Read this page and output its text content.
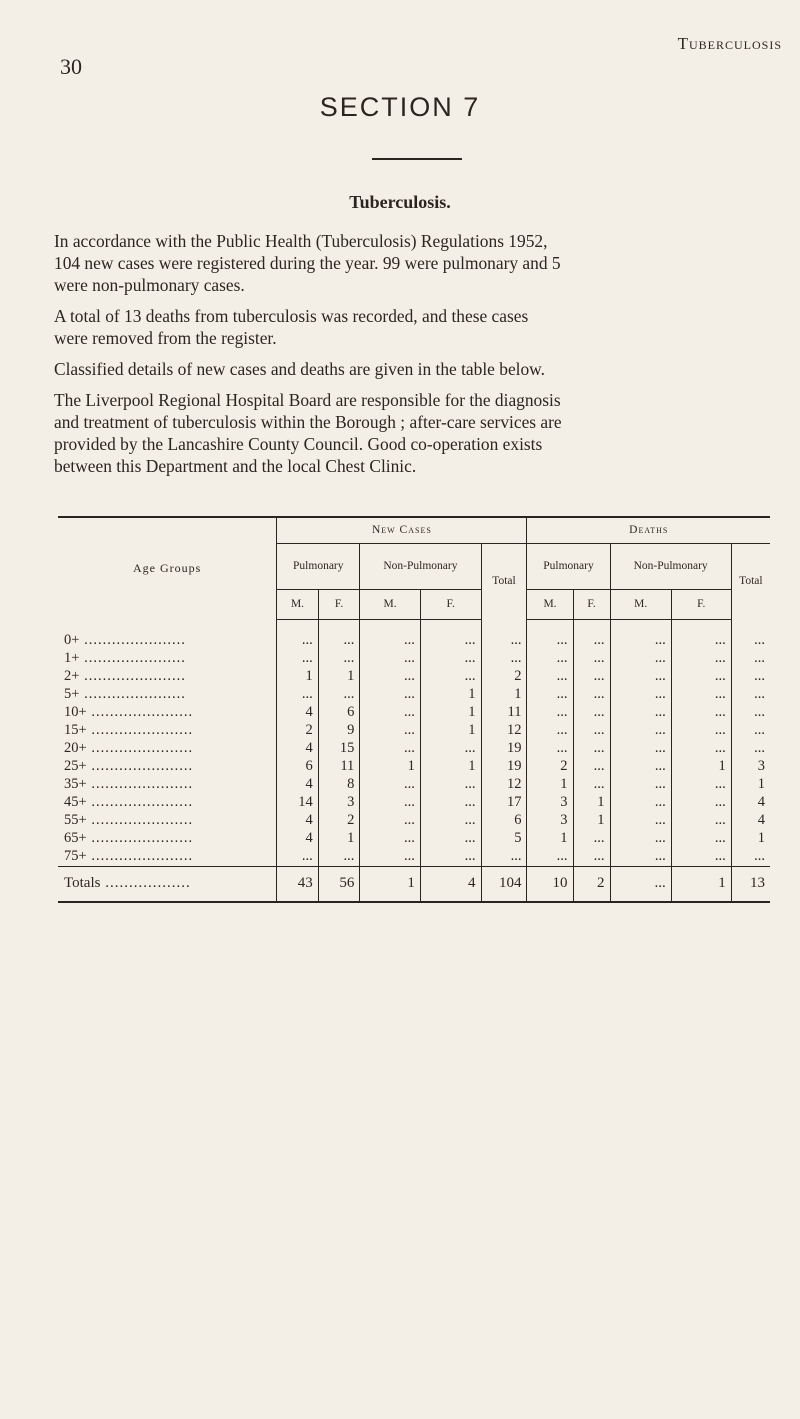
30
Tuberculosis
SECTION 7
Tuberculosis.

In accordance with the Public Health (Tuberculosis) Regulations 1952,
104 new cases were registered during the year. 99 were pulmonary and 5
were non-pulmonary cases.

A total of 13 deaths from tuberculosis was recorded, and these cases
were removed from the register.

Classified details of new cases and deaths are given in the table below.

The Liverpool Regional Hospital Board are responsible for the diagnosis
and treatment of tuberculosis within the Borough ; after-care services are
provided by the Lancashire County Council. Good co-operation exists
between this Department and the local Chest Clinic.

Age Groups	New Cases					Deaths				
	Pulmonary		Non-Pulmonary		Total	Pulmonary		Non-Pulmonary		Total
	M.	F.	M.	F.		M.	F.	M.	F.	

0+ ......................	...	...	...	...	...	...	...	...	...	...
1+ ......................	...	...	...	...	...	...	...	...	...	...
2+ ......................	1	1	...	...	2	...	...	...	...	...
5+ ......................	...	...	...	1	1	...	...	...	...	...
10+ ......................	4	6	...	1	11	...	...	...	...	...
15+ ......................	2	9	...	1	12	...	...	...	...	...
20+ ......................	4	15	...	...	19	...	...	...	...	...
25+ ......................	6	11	1	1	19	2	...	...	1	3
35+ ......................	4	8	...	...	12	1	...	...	...	1
45+ ......................	14	3	...	...	17	3	1	...	...	4
55+ ......................	4	2	...	...	6	3	1	...	...	4
65+ ......................	4	1	...	...	5	1	...	...	...	1
75+ ......................	...	...	...	...	...	...	...	...	...	...
Totals ..................	43	56	1	4	104	10	2	...	1	13
